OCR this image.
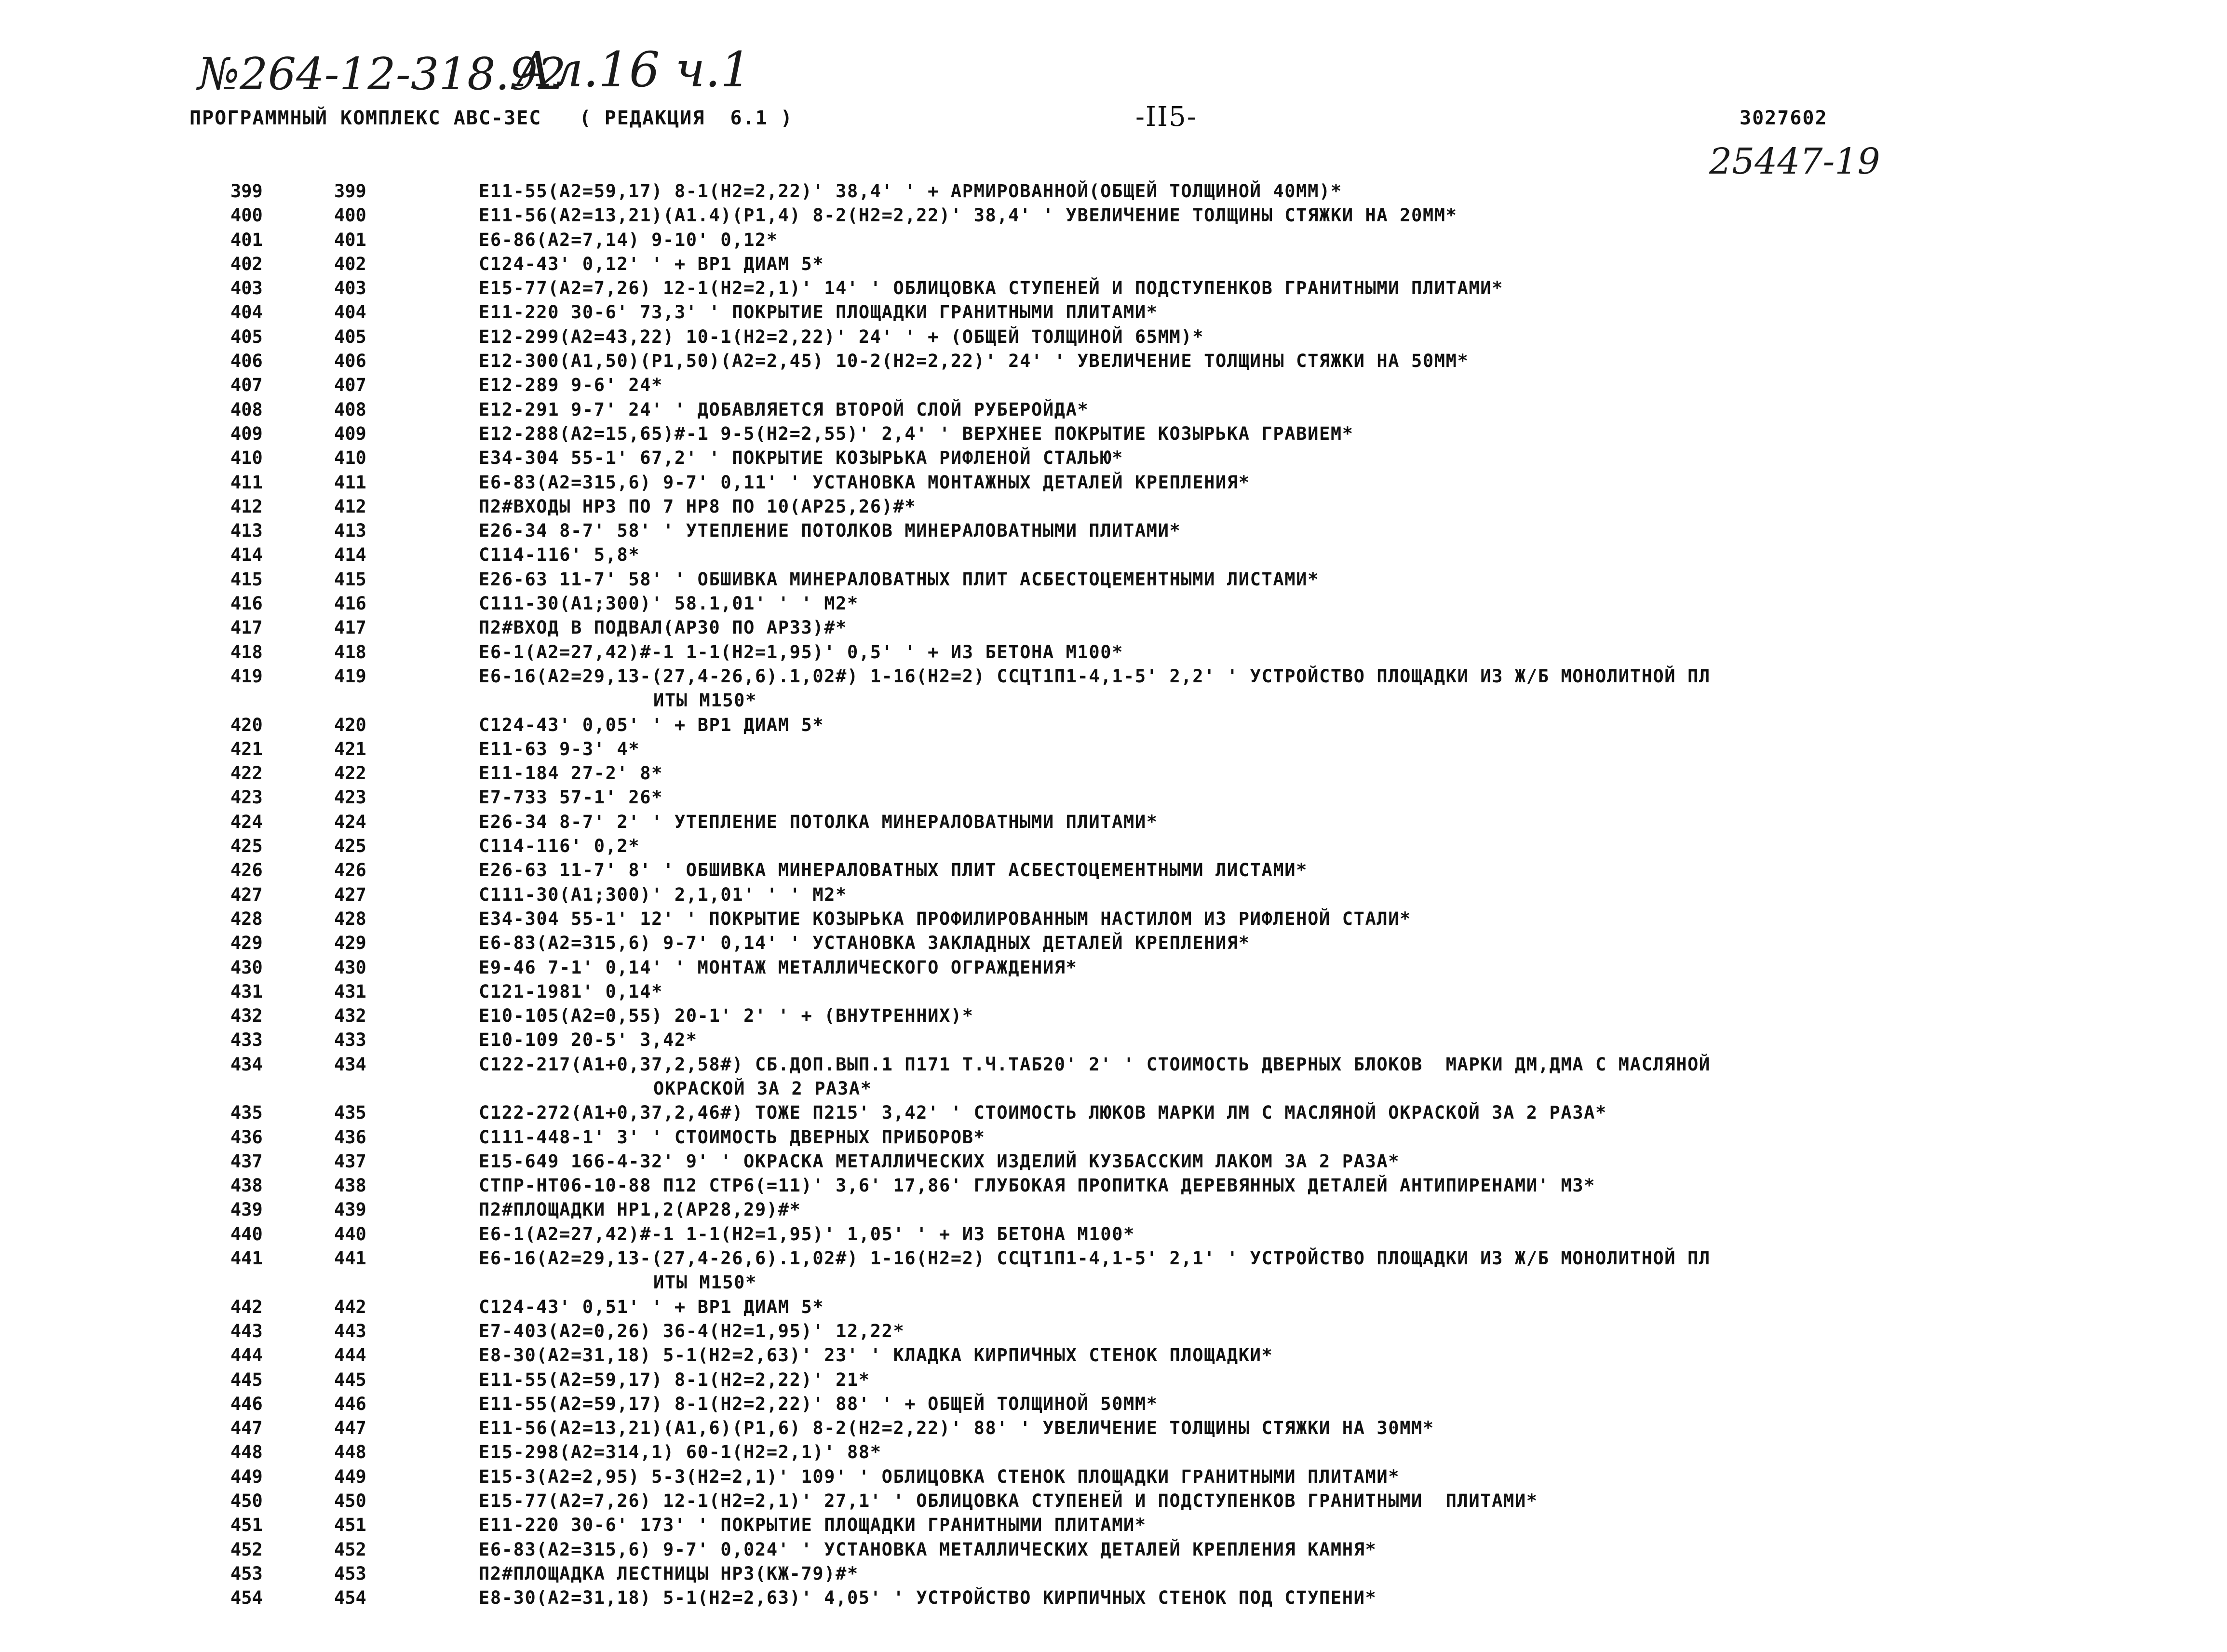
№264-12-318.92
Ал.16 ч.1
25447-19
ПРОГРАММНЫЙ КОМПЛЕКС АВС-3ЕС   ( РЕДАКЦИЯ  6.1 )	-II5-	3027602
399	399	Е11-55(А2=59,17) 8-1(Н2=2,22)' 38,4' ' + АРМИРОВАННОЙ(ОБЩЕЙ ТОЛЩИНОЙ 40ММ)*
400	400	Е11-56(А2=13,21)(А1.4)(Р1,4) 8-2(Н2=2,22)' 38,4' ' УВЕЛИЧЕНИЕ ТОЛЩИНЫ СТЯЖКИ НА 20ММ*
401	401	Е6-86(А2=7,14) 9-10' 0,12*
402	402	С124-43' 0,12' ' + ВР1 ДИАМ 5*
403	403	Е15-77(А2=7,26) 12-1(Н2=2,1)' 14' ' ОБЛИЦОВКА СТУПЕНЕЙ И ПОДСТУПЕНКОВ ГРАНИТНЫМИ ПЛИТАМИ*
404	404	Е11-220 30-6' 73,3' ' ПОКРЫТИЕ ПЛОЩАДКИ ГРАНИТНЫМИ ПЛИТАМИ*
405	405	Е12-299(А2=43,22) 10-1(Н2=2,22)' 24' ' + (ОБЩЕЙ ТОЛЩИНОЙ 65ММ)*
406	406	Е12-300(А1,50)(Р1,50)(А2=2,45) 10-2(Н2=2,22)' 24' ' УВЕЛИЧЕНИЕ ТОЛЩИНЫ СТЯЖКИ НА 50ММ*
407	407	Е12-289 9-6' 24*
408	408	Е12-291 9-7' 24' ' ДОБАВЛЯЕТСЯ ВТОРОЙ СЛОЙ РУБЕРОЙДА*
409	409	Е12-288(А2=15,65)#-1 9-5(Н2=2,55)' 2,4' ' ВЕРХНЕЕ ПОКРЫТИЕ КОЗЫРЬКА ГРАВИЕМ*
410	410	Е34-304 55-1' 67,2' ' ПОКРЫТИЕ КОЗЫРЬКА РИФЛЕНОЙ СТАЛЬЮ*
411	411	Е6-83(А2=315,6) 9-7' 0,11' ' УСТАНОВКА МОНТАЖНЫХ ДЕТАЛЕЙ КРЕПЛЕНИЯ*
412	412	П2#ВХОДЫ НР3 ПО 7 НР8 ПО 10(АР25,26)#*
413	413	Е26-34 8-7' 58' ' УТЕПЛЕНИЕ ПОТОЛКОВ МИНЕРАЛОВАТНЫМИ ПЛИТАМИ*
414	414	С114-116' 5,8*
415	415	Е26-63 11-7' 58' ' ОБШИВКА МИНЕРАЛОВАТНЫХ ПЛИТ АСБЕСТОЦЕМЕНТНЫМИ ЛИСТАМИ*
416	416	С111-30(А1;300)' 58.1,01' ' ' М2*
417	417	П2#ВХОД В ПОДВАЛ(АР30 ПО АР33)#*
418	418	Е6-1(А2=27,42)#-1 1-1(Н2=1,95)' 0,5' ' + ИЗ БЕТОНА М100*
419	419	Е6-16(А2=29,13-(27,4-26,6).1,02#) 1-16(Н2=2) ССЦТ1П1-4,1-5' 2,2' ' УСТРОЙСТВО ПЛОЩАДКИ ИЗ Ж/Б МОНОЛИТНОЙ ПЛ
ИТЫ М150*
420	420	С124-43' 0,05' ' + ВР1 ДИАМ 5*
421	421	Е11-63 9-3' 4*
422	422	Е11-184 27-2' 8*
423	423	Е7-733 57-1' 26*
424	424	Е26-34 8-7' 2' ' УТЕПЛЕНИЕ ПОТОЛКА МИНЕРАЛОВАТНЫМИ ПЛИТАМИ*
425	425	С114-116' 0,2*
426	426	Е26-63 11-7' 8' ' ОБШИВКА МИНЕРАЛОВАТНЫХ ПЛИТ АСБЕСТОЦЕМЕНТНЫМИ ЛИСТАМИ*
427	427	С111-30(А1;300)' 2,1,01' ' ' М2*
428	428	Е34-304 55-1' 12' ' ПОКРЫТИЕ КОЗЫРЬКА ПРОФИЛИРОВАННЫМ НАСТИЛОМ ИЗ РИФЛЕНОЙ СТАЛИ*
429	429	Е6-83(А2=315,6) 9-7' 0,14' ' УСТАНОВКА ЗАКЛАДНЫХ ДЕТАЛЕЙ КРЕПЛЕНИЯ*
430	430	Е9-46 7-1' 0,14' ' МОНТАЖ МЕТАЛЛИЧЕСКОГО ОГРАЖДЕНИЯ*
431	431	С121-1981' 0,14*
432	432	Е10-105(А2=0,55) 20-1' 2' ' + (ВНУТРЕННИХ)*
433	433	Е10-109 20-5' 3,42*
434	434	С122-217(А1+0,37,2,58#) СБ.ДОП.ВЫП.1 П171 Т.Ч.ТАБ20' 2' ' СТОИМОСТЬ ДВЕРНЫХ БЛОКОВ  МАРКИ ДМ,ДМА С МАСЛЯНОЙ
ОКРАСКОЙ ЗА 2 РАЗА*
435	435	С122-272(А1+0,37,2,46#) ТОЖЕ П215' 3,42' ' СТОИМОСТЬ ЛЮКОВ МАРКИ ЛМ С МАСЛЯНОЙ ОКРАСКОЙ ЗА 2 РАЗА*
436	436	С111-448-1' 3' ' СТОИМОСТЬ ДВЕРНЫХ ПРИБОРОВ*
437	437	Е15-649 166-4-32' 9' ' ОКРАСКА МЕТАЛЛИЧЕСКИХ ИЗДЕЛИЙ КУЗБАССКИМ ЛАКОМ ЗА 2 РАЗА*
438	438	СТПР-НТ06-10-88 П12 СТР6(=11)' 3,6' 17,86' ГЛУБОКАЯ ПРОПИТКА ДЕРЕВЯННЫХ ДЕТАЛЕЙ АНТИПИРЕНАМИ' М3*
439	439	П2#ПЛОЩАДКИ НР1,2(АР28,29)#*
440	440	Е6-1(А2=27,42)#-1 1-1(Н2=1,95)' 1,05' ' + ИЗ БЕТОНА М100*
441	441	Е6-16(А2=29,13-(27,4-26,6).1,02#) 1-16(Н2=2) ССЦТ1П1-4,1-5' 2,1' ' УСТРОЙСТВО ПЛОЩАДКИ ИЗ Ж/Б МОНОЛИТНОЙ ПЛ
ИТЫ М150*
442	442	С124-43' 0,51' ' + ВР1 ДИАМ 5*
443	443	Е7-403(А2=0,26) 36-4(Н2=1,95)' 12,22*
444	444	Е8-30(А2=31,18) 5-1(Н2=2,63)' 23' ' КЛАДКА КИРПИЧНЫХ СТЕНОК ПЛОЩАДКИ*
445	445	Е11-55(А2=59,17) 8-1(Н2=2,22)' 21*
446	446	Е11-55(А2=59,17) 8-1(Н2=2,22)' 88' ' + ОБЩЕЙ ТОЛЩИНОЙ 50ММ*
447	447	Е11-56(А2=13,21)(А1,6)(Р1,6) 8-2(Н2=2,22)' 88' ' УВЕЛИЧЕНИЕ ТОЛЩИНЫ СТЯЖКИ НА 30ММ*
448	448	Е15-298(А2=314,1) 60-1(Н2=2,1)' 88*
449	449	Е15-3(А2=2,95) 5-3(Н2=2,1)' 109' ' ОБЛИЦОВКА СТЕНОК ПЛОЩАДКИ ГРАНИТНЫМИ ПЛИТАМИ*
450	450	Е15-77(А2=7,26) 12-1(Н2=2,1)' 27,1' ' ОБЛИЦОВКА СТУПЕНЕЙ И ПОДСТУПЕНКОВ ГРАНИТНЫМИ  ПЛИТАМИ*
451	451	Е11-220 30-6' 173' ' ПОКРЫТИЕ ПЛОЩАДКИ ГРАНИТНЫМИ ПЛИТАМИ*
452	452	Е6-83(А2=315,6) 9-7' 0,024' ' УСТАНОВКА МЕТАЛЛИЧЕСКИХ ДЕТАЛЕЙ КРЕПЛЕНИЯ КАМНЯ*
453	453	П2#ПЛОЩАДКА ЛЕСТНИЦЫ НР3(КЖ-79)#*
454	454	Е8-30(А2=31,18) 5-1(Н2=2,63)' 4,05' ' УСТРОЙСТВО КИРПИЧНЫХ СТЕНОК ПОД СТУПЕНИ*
